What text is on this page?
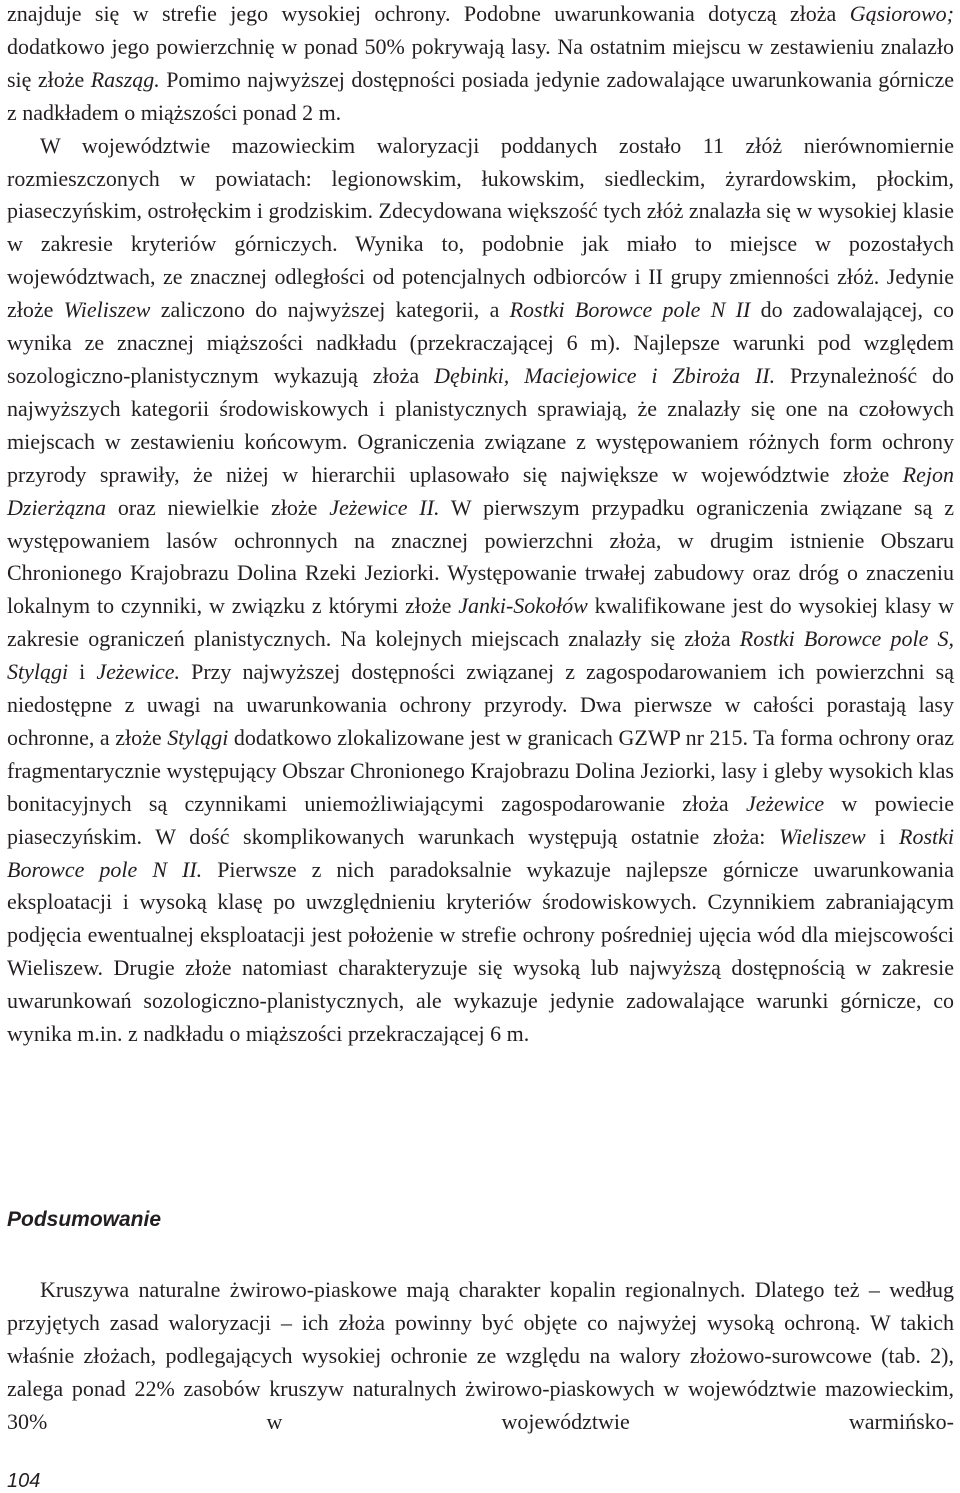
znajduje się w strefie jego wysokiej ochrony. Podobne uwarunkowania dotyczą złoża Gąsiorowo; dodatkowo jego powierzchnię w ponad 50% pokrywają lasy. Na ostatnim miejscu w zestawieniu znalazło się złoże Rasząg. Pomimo najwyższej dostępności posiada jedynie zadowalające uwarunkowania górnicze z nadkładem o miąższości ponad 2 m.

W województwie mazowieckim waloryzacji poddanych zostało 11 złóż nierównomiernie rozmieszczonych w powiatach: legionowskim, łukowskim, siedleckim, żyrardowskim, płockim, piaseczyńskim, ostrołęckim i grodziskim. Zdecydowana większość tych złóż znalazła się w wysokiej klasie w zakresie kryteriów górniczych. Wynika to, podobnie jak miało to miejsce w pozostałych województwach, ze znacznej odległości od potencjalnych odbiorców i II grupy zmienności złóż. Jedynie złoże Wieliszew zaliczono do najwyższej kategorii, a Rostki Borowce pole N II do zadowalającej, co wynika ze znacznej miąższości nadkładu (przekraczającej 6 m). Najlepsze warunki pod względem sozologiczno-planistycznym wykazują złoża Dębinki, Maciejowice i Zbiroża II. Przynależność do najwyższych kategorii środowiskowych i planistycznych sprawiają, że znalazły się one na czołowych miejscach w zestawieniu końcowym. Ograniczenia związane z występowaniem różnych form ochrony przyrody sprawiły, że niżej w hierarchii uplasowało się największe w województwie złoże Rejon Dzierżązna oraz niewielkie złoże Jeżewice II. W pierwszym przypadku ograniczenia związane są z występowaniem lasów ochronnych na znacznej powierzchni złoża, w drugim istnienie Obszaru Chronionego Krajobrazu Dolina Rzeki Jeziorki. Występowanie trwałej zabudowy oraz dróg o znaczeniu lokalnym to czynniki, w związku z którymi złoże Janki-Sokołów kwalifikowane jest do wysokiej klasy w zakresie ograniczeń planistycznych. Na kolejnych miejscach znalazły się złoża Rostki Borowce pole S, Stylągi i Jeżewice. Przy najwyższej dostępności związanej z zagospodarowaniem ich powierzchni są niedostępne z uwagi na uwarunkowania ochrony przyrody. Dwa pierwsze w całości porastają lasy ochronne, a złoże Stylągi dodatkowo zlokalizowane jest w granicach GZWP nr 215. Ta forma ochrony oraz fragmentarycznie występujący Obszar Chronionego Krajobrazu Dolina Jeziorki, lasy i gleby wysokich klas bonitacyjnych są czynnikami uniemożliwiającymi zagospodarowanie złoża Jeżewice w powiecie piaseczyńskim. W dość skomplikowanych warunkach występują ostatnie złoża: Wieliszew i Rostki Borowce pole N II. Pierwsze z nich paradoksalnie wykazuje najlepsze górnicze uwarunkowania eksploatacji i wysoką klasę po uwzględnieniu kryteriów środowiskowych. Czynnikiem zabraniającym podjęcia ewentualnej eksploatacji jest położenie w strefie ochrony pośredniej ujęcia wód dla miejscowości Wieliszew. Drugie złoże natomiast charakteryzuje się wysoką lub najwyższą dostępnością w zakresie uwarunkowań sozologiczno-planistycznych, ale wykazuje jedynie zadowalające warunki górnicze, co wynika m.in. z nadkładu o miąższości przekraczającej 6 m.

Podsumowanie

Kruszywa naturalne żwirowo-piaskowe mają charakter kopalin regionalnych. Dlatego też – według przyjętych zasad waloryzacji – ich złoża powinny być objęte co najwyżej wysoką ochroną. W takich właśnie złożach, podlegających wysokiej ochronie ze względu na walory złożowo-surowcowe (tab. 2), zalega ponad 22% zasobów kruszyw naturalnych żwirowo-piaskowych w województwie mazowieckim, 30% w województwie warmińsko-

104
